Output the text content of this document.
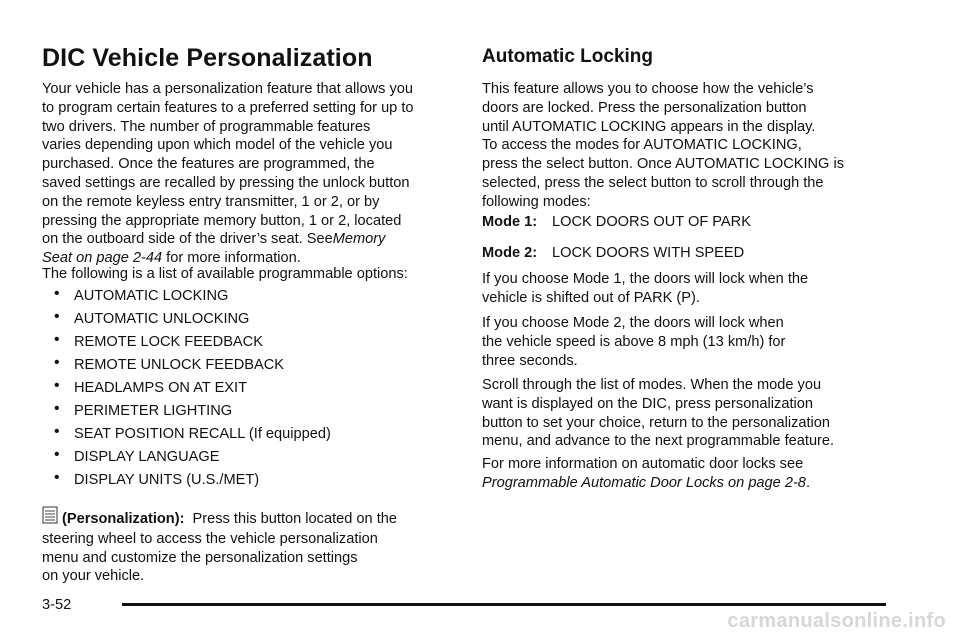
DIC Vehicle Personalization

Your vehicle has a personalization feature that allows you
to program certain features to a preferred setting for up to
two drivers. The number of programmable features
varies depending upon which model of the vehicle you
purchased. Once the features are programmed, the
saved settings are recalled by pressing the unlock button
on the remote keyless entry transmitter, 1 or 2, or by
pressing the appropriate memory button, 1 or 2, located
on the outboard side of the driver’s seat. SeeMemory
Seat on page 2-44 for more information.

The following is a list of available programmable options:

• AUTOMATIC LOCKING
• AUTOMATIC UNLOCKING
• REMOTE LOCK FEEDBACK
• REMOTE UNLOCK FEEDBACK
• HEADLAMPS ON AT EXIT
• PERIMETER LIGHTING
• SEAT POSITION RECALL (If equipped)
• DISPLAY LANGUAGE
• DISPLAY UNITS (U.S./MET)

(Personalization): Press this button located on the
steering wheel to access the vehicle personalization
menu and customize the personalization settings
on your vehicle.

Automatic Locking

This feature allows you to choose how the vehicle’s
doors are locked. Press the personalization button
until AUTOMATIC LOCKING appears in the display.
To access the modes for AUTOMATIC LOCKING,
press the select button. Once AUTOMATIC LOCKING is
selected, press the select button to scroll through the
following modes:

Mode 1: LOCK DOORS OUT OF PARK
Mode 2: LOCK DOORS WITH SPEED

If you choose Mode 1, the doors will lock when the
vehicle is shifted out of PARK (P).

If you choose Mode 2, the doors will lock when
the vehicle speed is above 8 mph (13 km/h) for
three seconds.

Scroll through the list of modes. When the mode you
want is displayed on the DIC, press personalization
button to set your choice, return to the personalization
menu, and advance to the next programmable feature.

For more information on automatic door locks see
Programmable Automatic Door Locks on page 2-8.

3-52
carmanualsonline.info
